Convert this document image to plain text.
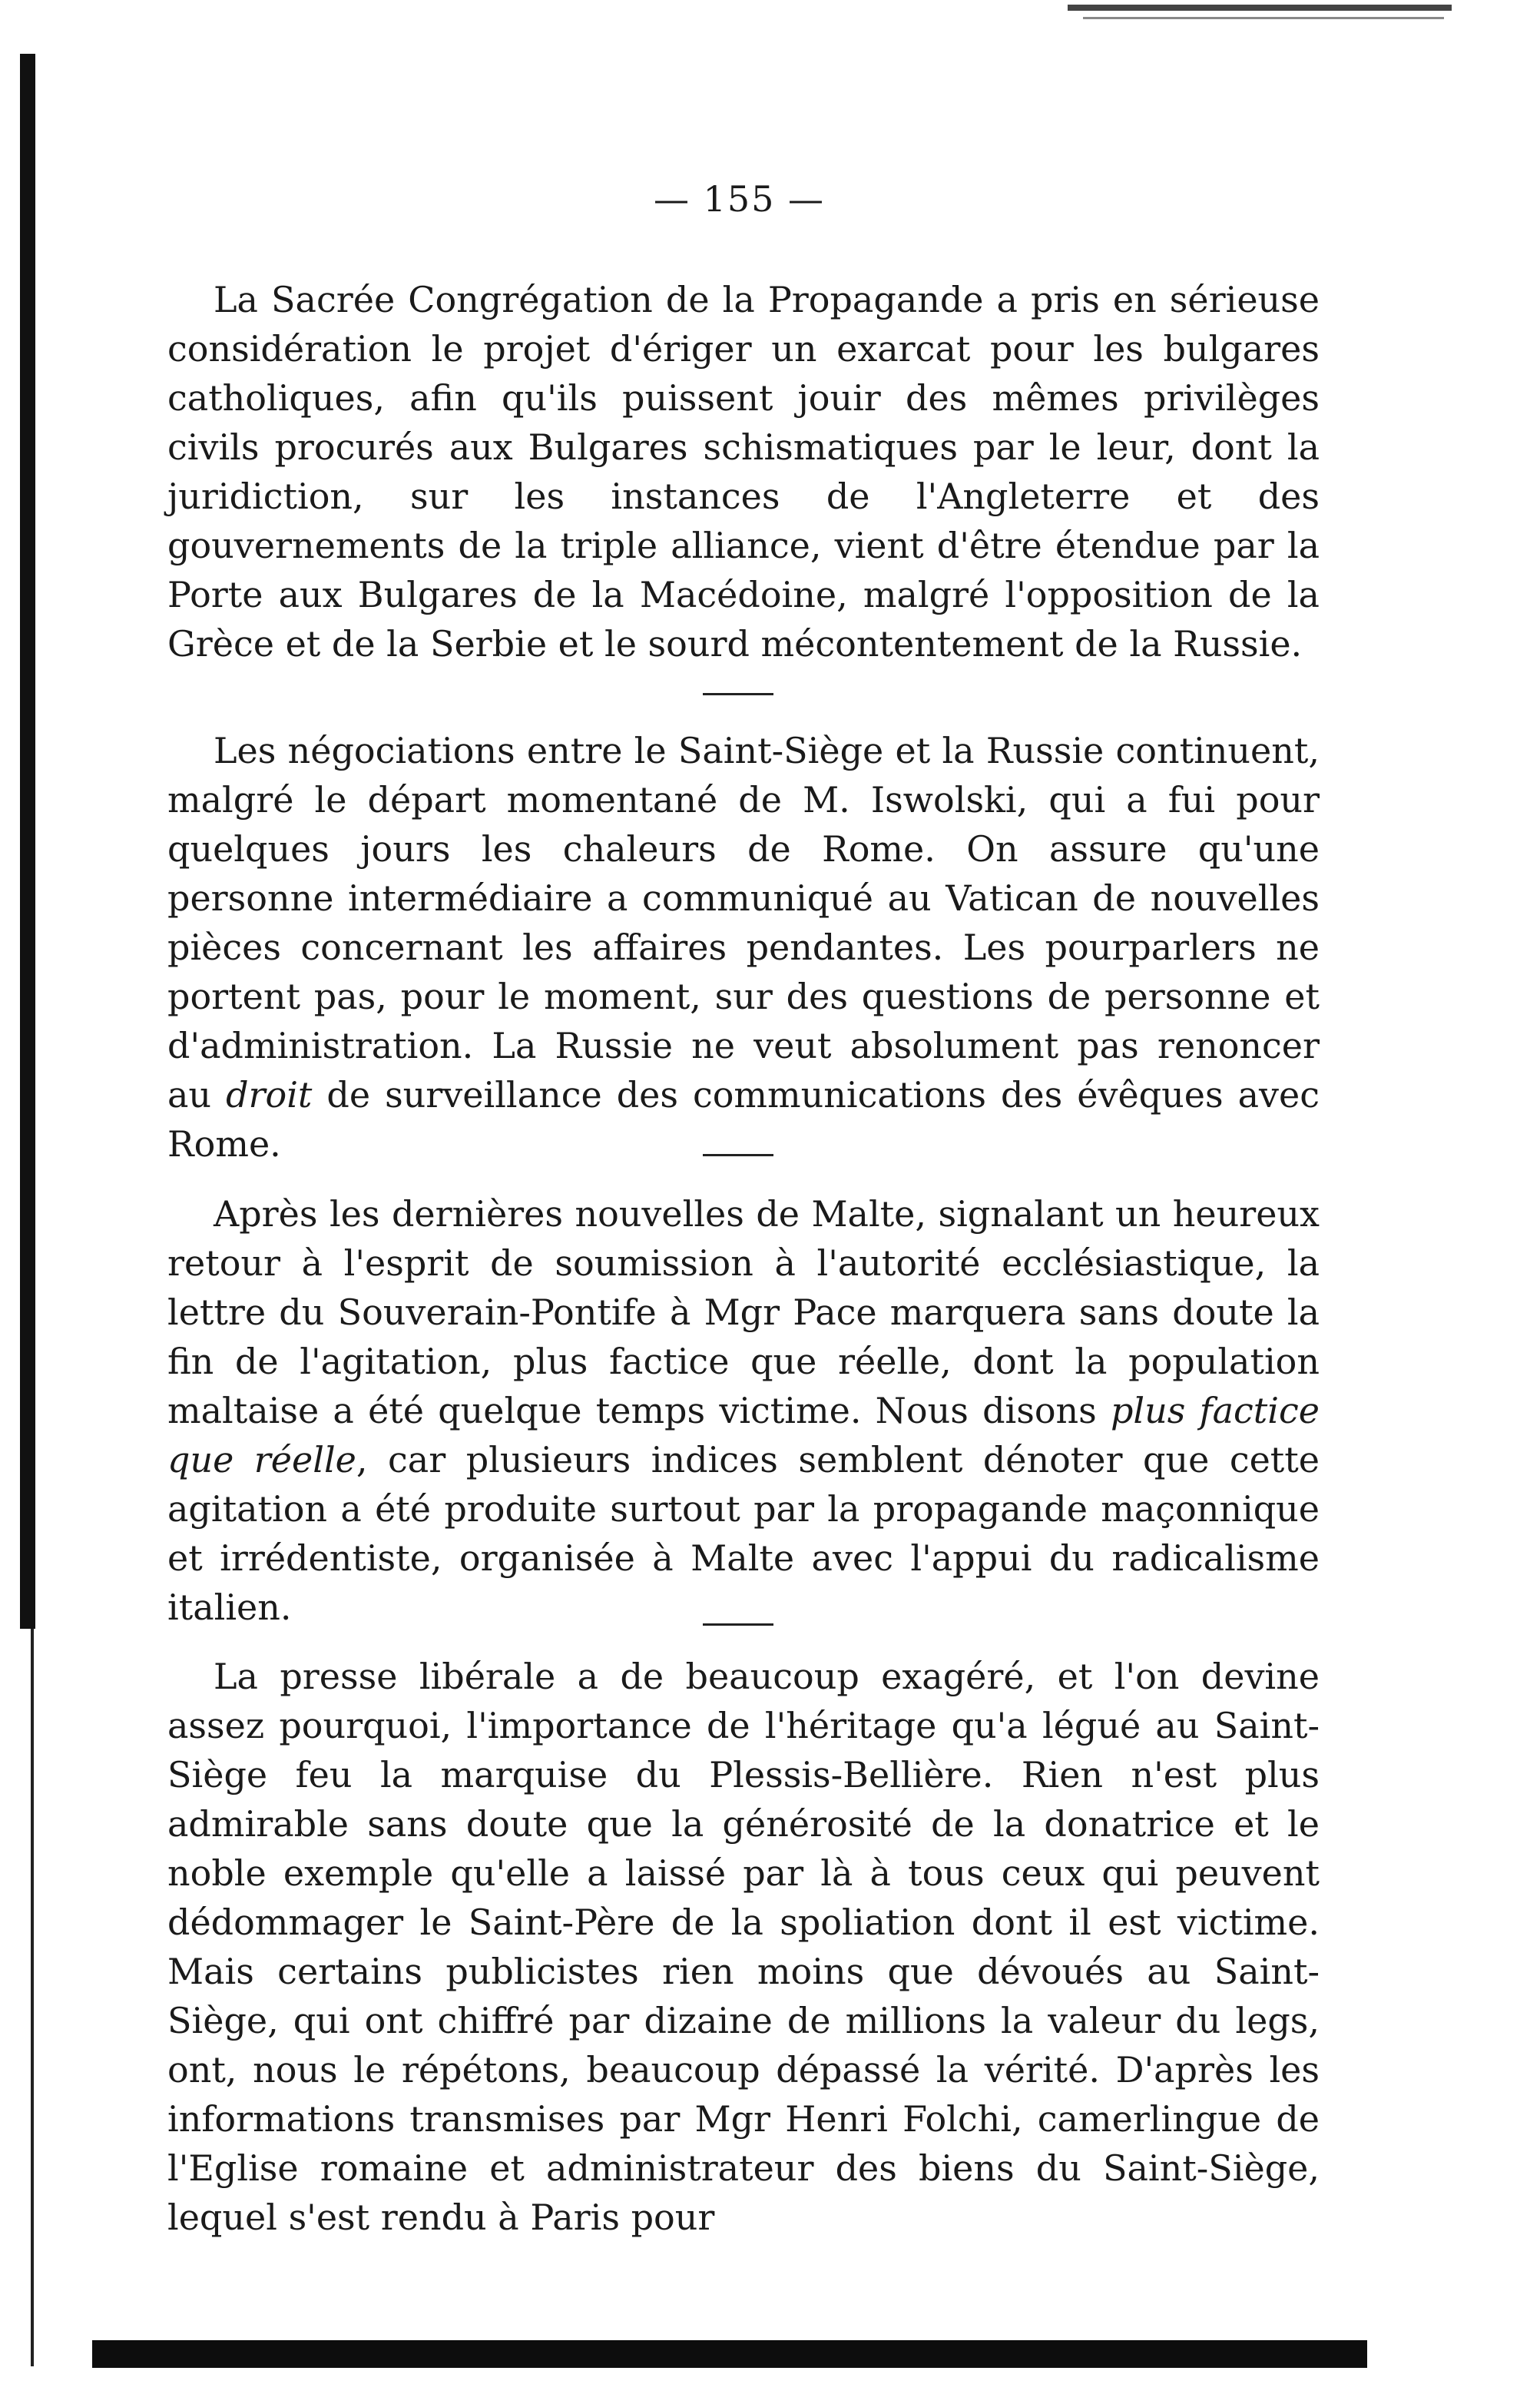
— 155 —

La Sacrée Congrégation de la Propagande a pris en sérieuse considération le projet d'ériger un exarcat pour les bulgares catholiques, afin qu'ils puissent jouir des mêmes privilèges civils procurés aux Bulgares schismatiques par le leur, dont la juridiction, sur les instances de l'Angleterre et des gouvernements de la triple alliance, vient d'être étendue par la Porte aux Bulgares de la Macédoine, malgré l'opposition de la Grèce et de la Serbie et le sourd mécontentement de la Russie.

Les négociations entre le Saint-Siège et la Russie continuent, malgré le départ momentané de M. Iswolski, qui a fui pour quelques jours les chaleurs de Rome. On assure qu'une personne intermédiaire a communiqué au Vatican de nouvelles pièces concernant les affaires pendantes. Les pourparlers ne portent pas, pour le moment, sur des questions de personne et d'administration. La Russie ne veut absolument pas renoncer au droit de surveillance des communications des évêques avec Rome.

Après les dernières nouvelles de Malte, signalant un heureux retour à l'esprit de soumission à l'autorité ecclésiastique, la lettre du Souverain-Pontife à Mgr Pace marquera sans doute la fin de l'agitation, plus factice que réelle, dont la population maltaise a été quelque temps victime. Nous disons plus factice que réelle, car plusieurs indices semblent dénoter que cette agitation a été produite surtout par la propagande maçonnique et irrédentiste, organisée à Malte avec l'appui du radicalisme italien.

La presse libérale a de beaucoup exagéré, et l'on devine assez pourquoi, l'importance de l'héritage qu'a légué au Saint-Siège feu la marquise du Plessis-Bellière. Rien n'est plus admirable sans doute que la générosité de la donatrice et le noble exemple qu'elle a laissé par là à tous ceux qui peuvent dédommager le Saint-Père de la spoliation dont il est victime. Mais certains publicistes rien moins que dévoués au Saint-Siège, qui ont chiffré par dizaine de millions la valeur du legs, ont, nous le répétons, beaucoup dépassé la vérité. D'après les informations transmises par Mgr Henri Folchi, camerlingue de l'Eglise romaine et administrateur des biens du Saint-Siège, lequel s'est rendu à Paris pour
